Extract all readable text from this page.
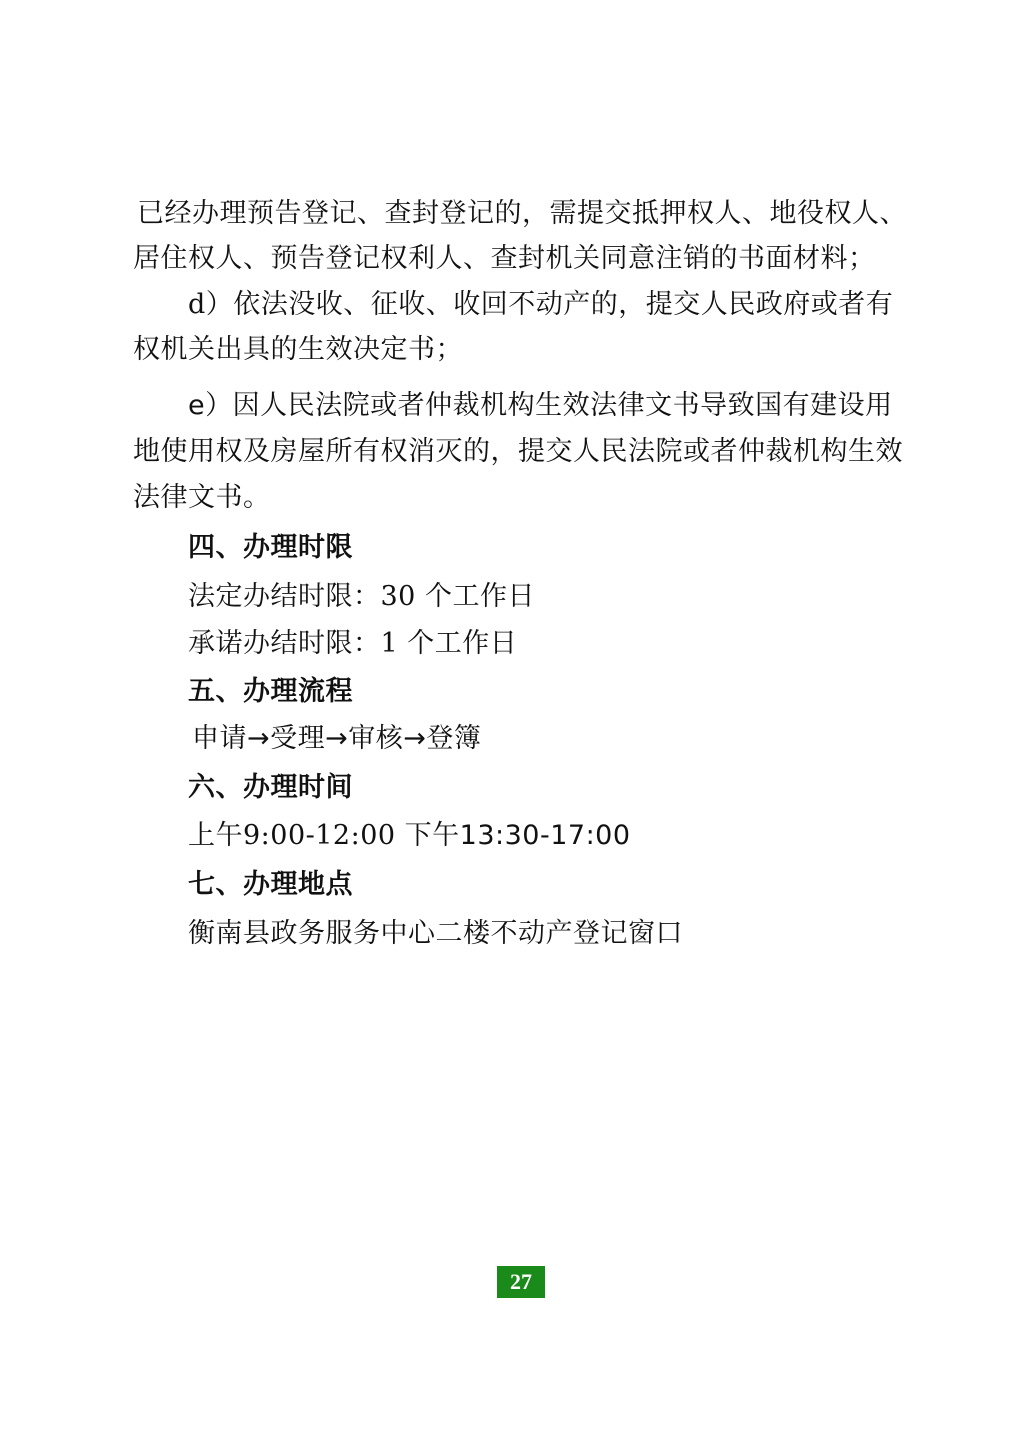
已经办理预告登记、查封登记的，需提交抵押权人、地役权人、
居住权人、预告登记权利人、查封机关同意注销的书面材料；
d）依法没收、征收、收回不动产的，提交人民政府或者有
权机关出具的生效决定书；
e）因人民法院或者仲裁机构生效法律文书导致国有建设用
地使用权及房屋所有权消灭的，提交人民法院或者仲裁机构生效
法律文书。
四、办理时限
法定办结时限：30 个工作日
承诺办结时限：1 个工作日
五、办理流程
申请→受理→审核→登簿
六、办理时间
上午9:00-12:00 下午13:30-17:00
七、办理地点
衡南县政务服务中心二楼不动产登记窗口
27
